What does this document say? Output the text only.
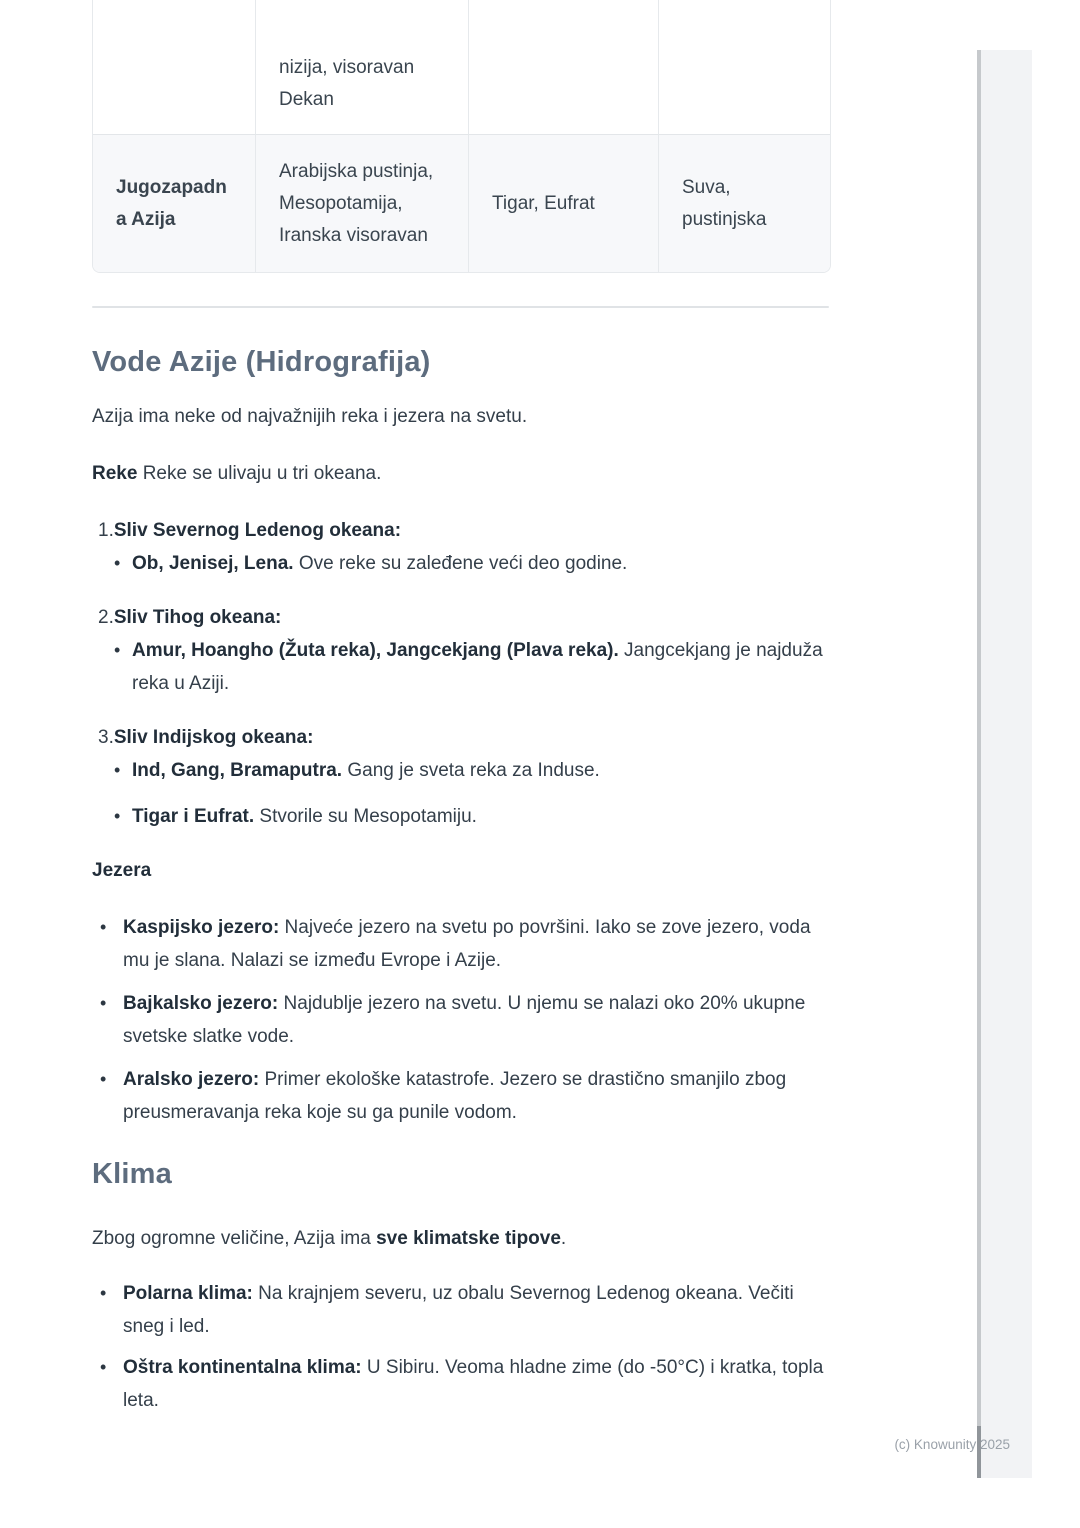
	nizija, visoravan Dekan		
Jugozapadna Azija	Arabijska pustinja, Mesopotamija, Iranska visoravan	Tigar, Eufrat	Suva, pustinjska
Vode Azije (Hidrografija)

Azija ima neke od najvažnijih reka i jezera na svetu.

Reke Reke se ulivaju u tri okeana.

1. Sliv Severnog Ledenog okeana:
• Ob, Jenisej, Lena. Ove reke su zaleđene veći deo godine.
2. Sliv Tihog okeana:
• Amur, Hoangho (Žuta reka), Jangcekjang (Plava reka). Jangcekjang je najduža reka u Aziji.
3. Sliv Indijskog okeana:
• Ind, Gang, Bramaputra. Gang je sveta reka za Induse.
• Tigar i Eufrat. Stvorile su Mesopotamiju.

Jezera

• Kaspijsko jezero: Najveće jezero na svetu po površini. Iako se zove jezero, voda mu je slana. Nalazi se između Evrope i Azije.
• Bajkalsko jezero: Najdublje jezero na svetu. U njemu se nalazi oko 20% ukupne svetske slatke vode.
• Aralsko jezero: Primer ekološke katastrofe. Jezero se drastično smanjilo zbog preusmeravanja reka koje su ga punile vodom.
Klima

Zbog ogromne veličine, Azija ima sve klimatske tipove.

• Polarna klima: Na krajnjem severu, uz obalu Severnog Ledenog okeana. Večiti sneg i led.
• Oštra kontinentalna klima: U Sibiru. Veoma hladne zime (do -50°C) i kratka, topla leta.
(c) Knowunity 2025
